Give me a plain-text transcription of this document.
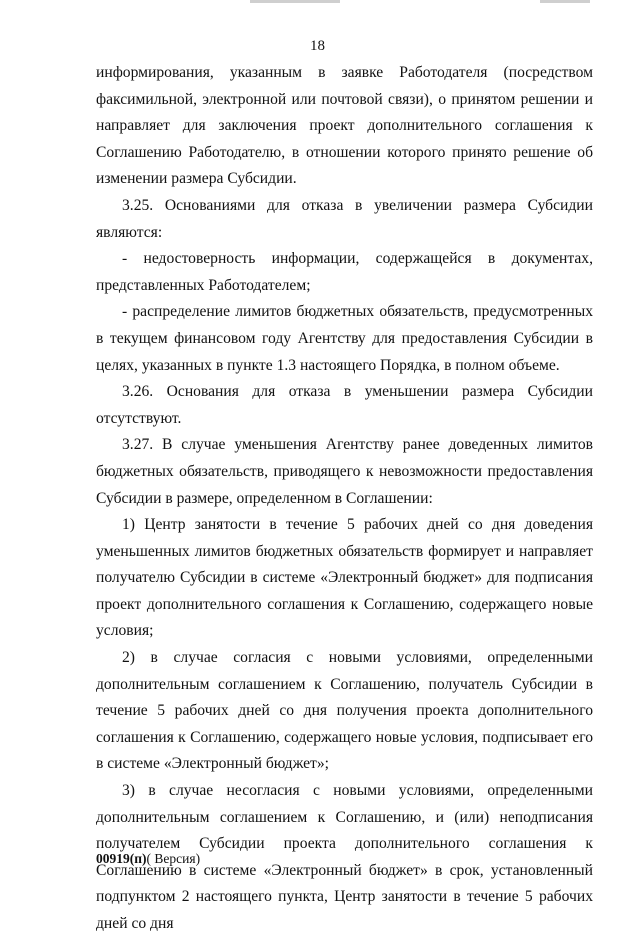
18

информирования, указанным в заявке Работодателя (посредством факсимильной, электронной или почтовой связи), о принятом решении и направляет для заключения проект дополнительного соглашения к Соглашению Работодателю, в отношении которого принято решение об изменении размера Субсидии.

3.25. Основаниями для отказа в увеличении размера Субсидии являются:

- недостоверность информации, содержащейся в документах, представленных Работодателем;

- распределение лимитов бюджетных обязательств, предусмотренных в текущем финансовом году Агентству для предоставления Субсидии в целях, указанных в пункте 1.3 настоящего Порядка, в полном объеме.

3.26. Основания для отказа в уменьшении размера Субсидии отсутствуют.

3.27. В случае уменьшения Агентству ранее доведенных лимитов бюджетных обязательств, приводящего к невозможности предоставления Субсидии в размере, определенном в Соглашении:

1) Центр занятости в течение 5 рабочих дней со дня доведения уменьшенных лимитов бюджетных обязательств формирует и направляет получателю Субсидии в системе «Электронный бюджет» для подписания проект дополнительного соглашения к Соглашению, содержащего новые условия;

2) в случае согласия с новыми условиями, определенными дополнительным соглашением к Соглашению, получатель Субсидии в течение 5 рабочих дней со дня получения проекта дополнительного соглашения к Соглашению, содержащего новые условия, подписывает его в системе «Электронный бюджет»;

3) в случае несогласия с новыми условиями, определенными дополнительным соглашением к Соглашению, и (или) неподписания получателем Субсидии проекта дополнительного соглашения к Соглашению в системе «Электронный бюджет» в срок, установленный подпунктом 2 настоящего пункта, Центр занятости в течение 5 рабочих дней со дня

00919(п)( Версия)
